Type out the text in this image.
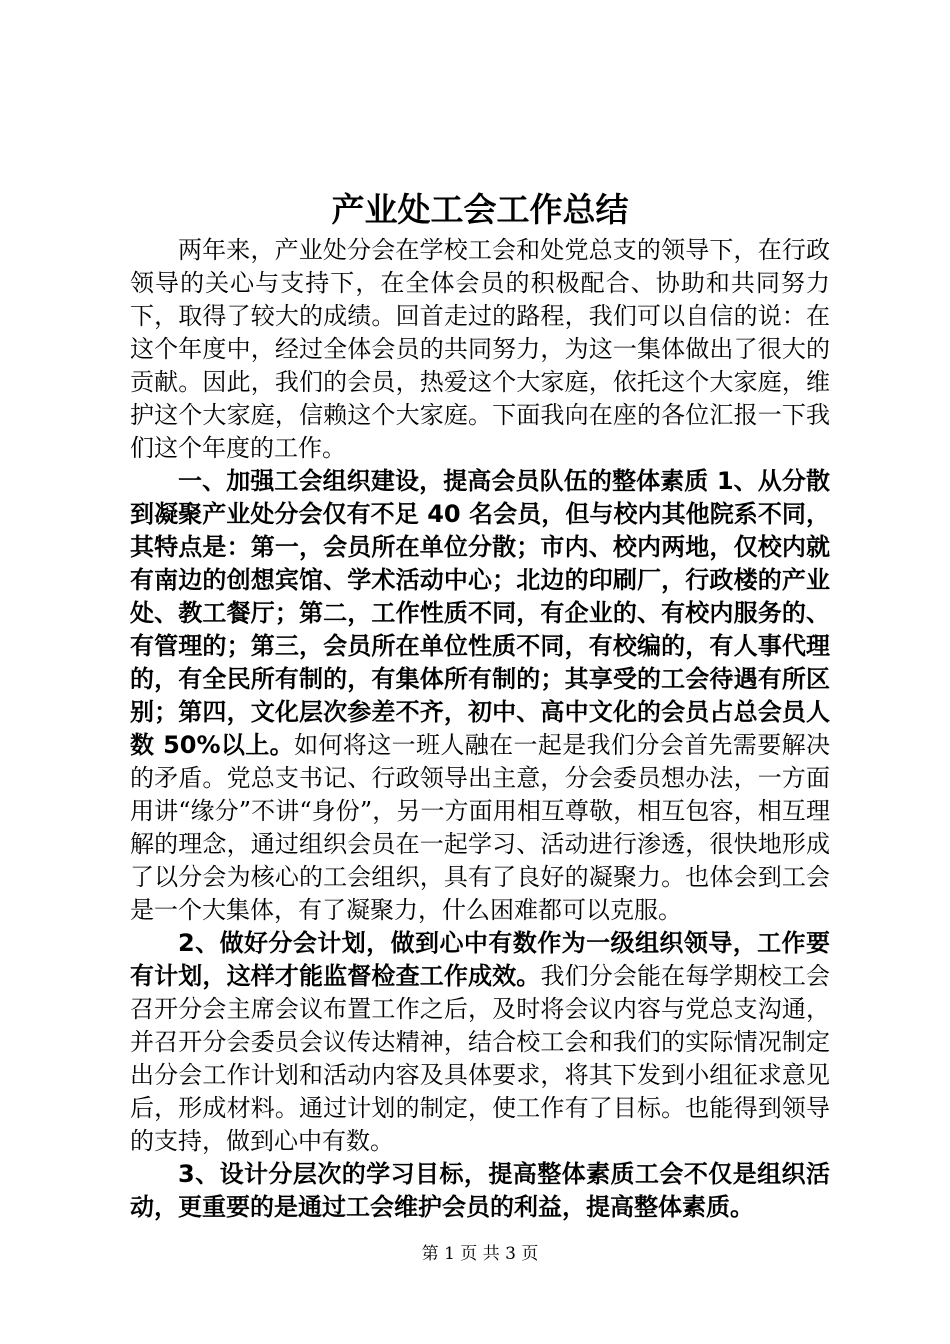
产业处工会工作总结

两年来，产业处分会在学校工会和处党总支的领导下，在行政领导的关心与支持下，在全体会员的积极配合、协助和共同努力下，取得了较大的成绩。回首走过的路程，我们可以自信的说：在这个年度中，经过全体会员的共同努力，为这一集体做出了很大的贡献。因此，我们的会员，热爱这个大家庭，依托这个大家庭，维护这个大家庭，信赖这个大家庭。下面我向在座的各位汇报一下我们这个年度的工作。

一、加强工会组织建设，提高会员队伍的整体素质 1、从分散到凝聚产业处分会仅有不足 40 名会员，但与校内其他院系不同，其特点是：第一，会员所在单位分散；市内、校内两地，仅校内就有南边的创想宾馆、学术活动中心；北边的印刷厂，行政楼的产业处、教工餐厅；第二，工作性质不同，有企业的、有校内服务的、有管理的；第三，会员所在单位性质不同，有校编的，有人事代理的，有全民所有制的，有集体所有制的；其享受的工会待遇有所区别；第四，文化层次参差不齐，初中、高中文化的会员占总会员人数 50%以上。如何将这一班人融在一起是我们分会首先需要解决的矛盾。党总支书记、行政领导出主意，分会委员想办法，一方面用讲“缘分”不讲“身份”，另一方面用相互尊敬，相互包容，相互理解的理念，通过组织会员在一起学习、活动进行渗透，很快地形成了以分会为核心的工会组织，具有了良好的凝聚力。也体会到工会是一个大集体，有了凝聚力，什么困难都可以克服。

2、做好分会计划，做到心中有数作为一级组织领导，工作要有计划，这样才能监督检查工作成效。我们分会能在每学期校工会召开分会主席会议布置工作之后，及时将会议内容与党总支沟通，并召开分会委员会议传达精神，结合校工会和我们的实际情况制定出分会工作计划和活动内容及具体要求，将其下发到小组征求意见后，形成材料。通过计划的制定，使工作有了目标。也能得到领导的支持，做到心中有数。

3、设计分层次的学习目标，提高整体素质工会不仅是组织活动，更重要的是通过工会维护会员的利益，提高整体素质。

第 1 页 共 3 页
